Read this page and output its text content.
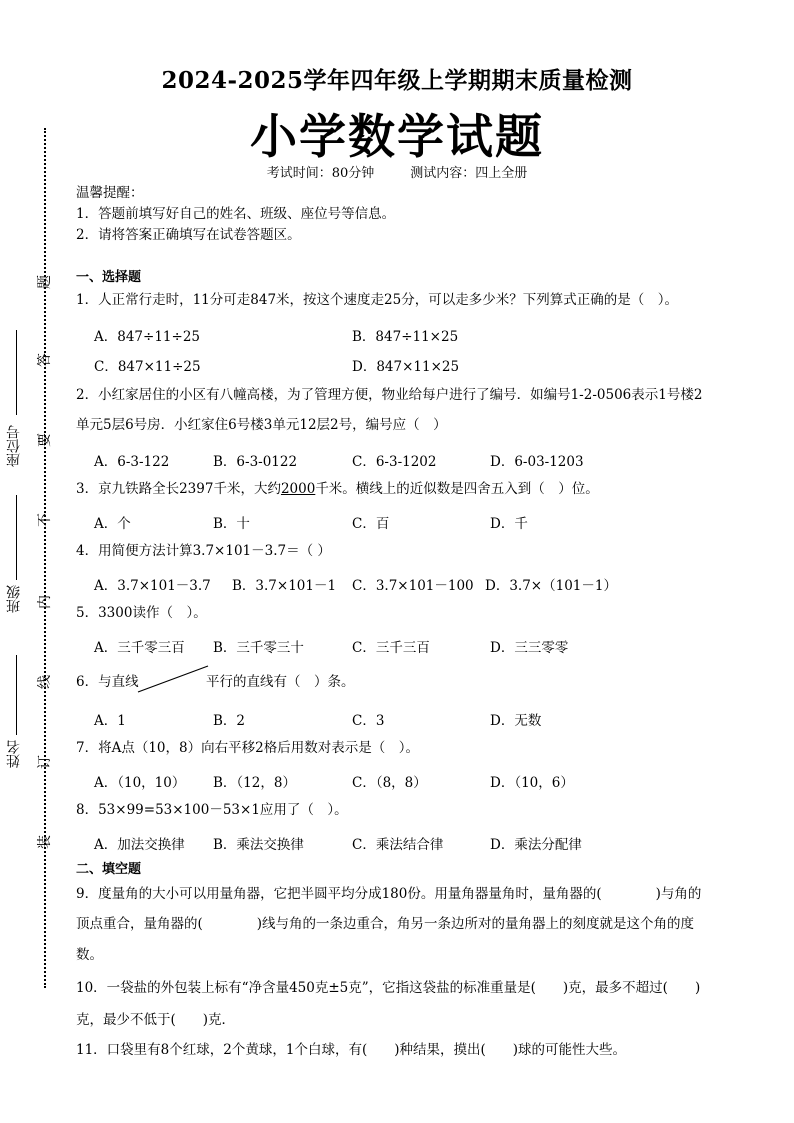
座位号
班级
姓名
题
答
要
不
内
线
订
装
2024-2025学年四年级上学期期末质量检测
小学数学试题
考试时间：80分钟	测试内容：四上全册
温馨提醒：
1．答题前填写好自己的姓名、班级、座位号等信息。
2．请将答案正确填写在试卷答题区。
一、选择题
1．人正常行走时，11分可走847米，按这个速度走25分，可以走多少米？下列算式正确的是（　）。
A．847÷11÷25	B．847÷11×25
C．847×11÷25	D．847×11×25
2．小红家居住的小区有八幢高楼，为了管理方便，物业给每户进行了编号．如编号1-2-0506表示1号楼2
单元5层6号房．小红家住6号楼3单元12层2号，编号应（　）
A．6-3-122	B．6-3-0122	C．6-3-1202	D．6-03-1203
3．京九铁路全长2397千米，大约2000千米。横线上的近似数是四舍五入到（　）位。
A．个	B．十	C．百	D．千
4．用简便方法计算3.7×101－3.7＝（ ）
A．3.7×101－3.7 B．3.7×101－1 C．3.7×101－100 D．3.7×（101－1）
5．3300读作（　）。
A．三千零三百 B．三千零三十	C．三千三百	D．三三零零
6．与直线	平行的直线有（　）条。
A．1	B．2	C．3	D．无数
7．将A点（10，8）向右平移2格后用数对表示是（　）。
A．（10，10） B．（12，8）	C．（8，8）	D．（10，6）
8．53×99=53×100－53×1应用了（　）。
A．加法交换律 B．乘法交换律	C．乘法结合律	D．乘法分配律
二、填空题
9．度量角的大小可以用量角器，它把半圆平均分成180份。用量角器量角时，量角器的(　　　　)与角的
顶点重合，量角器的(　　　　)线与角的一条边重合，角另一条边所对的量角器上的刻度就是这个角的度
数。
10．一袋盐的外包装上标有“净含量450克±5克”，它指这袋盐的标准重量是(　　)克，最多不超过(　　)
克，最少不低于(　　)克．
11．口袋里有8个红球，2个黄球，1个白球，有(　　)种结果，摸出(　　)球的可能性大些。
